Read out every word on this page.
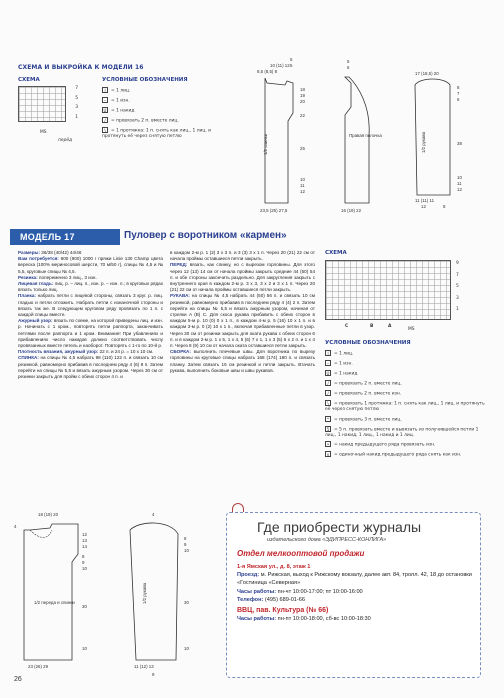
СХЕМА И ВЫКРОЙКА К МОДЕЛИ 16
СХЕМА
7
5
3
1
MS
перёд
УСЛОВНЫЕ ОБОЗНАЧЕНИЯ
| = 1 лиц.
– = 1 изн.
U = 1 накид
/ = провязать 2 п. вместе лиц.
\ = 1 протяжка: 1 п. снять как лиц., 1 лиц. и протянуть её через снятую петлю	1/2 спинки
8,5 (8,5) 8
10 (11) 12
5
6
18
19
20
22
25
10
11
12
23,5 (25) 27,5
Правая полочка
5
6
16 (19) 22
1/2 рукава
17 (18,5) 20
8
7
6
38
10
11
12
11 (11) 11
12	8
МОДЕЛЬ 17	Пуловер с воротником «кармен»

Размеры: 36/38 (40/42) 44/46

Вам потребуется: 800 (900) 1000 г пряжи Linie 130 Champ цвета вереска (100% мериносовой шерсти, 70 м/50 г), спицы № 4,5 и № 5,5, круговые спицы № 4,5.

Резинка: попеременно 3 лиц., 3 изн.

Лицевая гладь: лиц. р. – лиц. п., изн. р. – изн. п.; в круговых рядах вязать только лиц.

Планка: набрать петли с лицевой стороны, связать 3 круг. р. лиц. гладью и петли отложить. Набрать петли с изнаночной стороны и вязать так же. В следующем круговом ряду провязать по 1 п. с каждой спицы вместе.

Ажурный узор: вязать по схеме, на которой приведены лиц. и изн. р. Начинать с 1 кром., повторять петли раппорта, заканчивать петлями после раппорта и 1 кром. Внимание! При убавлениях и прибавлениях число накидов должно соответствовать числу провязанных вместе петель и наоборот. Повторять с 1-го по 10-й р.

Плотность вязания, ажурный узор: 22 п. и 24 р. = 10 х 10 см.

СПИНКА: на спицы № 4,5 набрать 98 (110) 122 п. и связать 10 см резинкой, равномерно прибавив в последнем ряду 4 (6) 8 п. Затем перейти на спицы № 5,5 и вязать ажурным узором. Через 30 см от резинки закрыть для пройм с обеих сторон 4 п. и

в каждом 2-м р. 1 (2) 3 х 3 п. и 3 (3) 3 х 1 п. Через 20 (21) 22 см от начала проймы оставшиеся петли закрыть.

ПЕРЕД: вязать, как спинку, но с вырезом горловины. Для этого через 12 (13) 14 см от начала проймы закрыть средние 44 (50) 54 п. и обе стороны закончить раздельно. Для закругления закрыть с внутреннего края в каждом 2-м р. 3 х 3, 3 х 2 и 3 х 1 п. Через 20 (21) 22 см от начала проймы оставшиеся петли закрыть.

РУКАВА: на спицы № 4,5 набрать 44 (50) 56 п. и связать 10 см резинкой, равномерно прибавив в последнем ряду 4 (4) 2 п. Затем перейти на спицы № 5,5 и вязать ажурным узором, начиная от стрелки A (B) C. Для скоса рукава прибавить с обеих сторон в каждом 5-м р. 10 (0) 0 х 1 п., в каждом 4-м р. 5 (16) 10 х 1 п. и в каждом 3-м р. 0 (2) 10 х 1 п., включая прибавленные петли в узор. Через 30 см от резинки закрыть для оката рукава с обеих сторон 6 п. и в каждом 2-м р. 1 х 5, 1 х 4, 5 (6) 7 х 1, 1 х 3 (5) 6 х 2 п. и 1 х 4 п. Через 8 (9) 10 см от начала оката оставшиеся петли закрыть.

СБОРКА: выполнить плечевые швы. Для воротника по вырезу горловины на круговые спицы набрать 168 (174) 180 п. и связать планку. Затем связать 15 см резинкой и петли закрыть. Втачать рукава, выполнить боковые швы и швы рукавов.

СХЕМА
9
7
5
3
1
C	B	A
MS
УСЛОВНЫЕ ОБОЗНАЧЕНИЯ
| = 1 лиц.
– = 1 изн.
U = 1 накид
/ = провязать 2 п. вместе лиц.
/ = провязать 2 п. вместе изн.
\ = провязать 1 протяжка: 1 п. снять как лиц., 1 лиц. и протянуть её через снятую петлю
^ = провязать 3 п. вместе лиц.
5 = 5 п. провязать вместе и вывязать из получившейся петли 1 лиц., 1 накид, 1 лиц., 1 накид и 1 лиц.
• = накид предыдущего ряда провязать изн.
v = одиночный накид предыдущего ряда снять как изн.
1/2 переда и спинки
18 (19) 20
4
12
13
14
8
9
10
30
10
23 (26) 29
1/2 рукава
4
8
9
10
30
10
11 (12) 13
9
Где приобрести журналы
издательского дома «ЭДИПРЕСС-КОНЛИГА»
Отдел мелкооптовой продажи
1-я Ямская ул., д. 8, этаж 1
Проезд: м. Рижская, выход к Рижскому вокзалу, далее авт. 84, тролл. 42, 18 до остановки «Гостиница «Северная»
Часы работы: пн-чт 10:00-17:00; пт 10:00-16:00
Телефон: (495) 689-01-66
ВВЦ, пав. Культура (№ 66)
Часы работы: пн-пт 10:00-18:00, сб-вс 10:00-18:30
26
